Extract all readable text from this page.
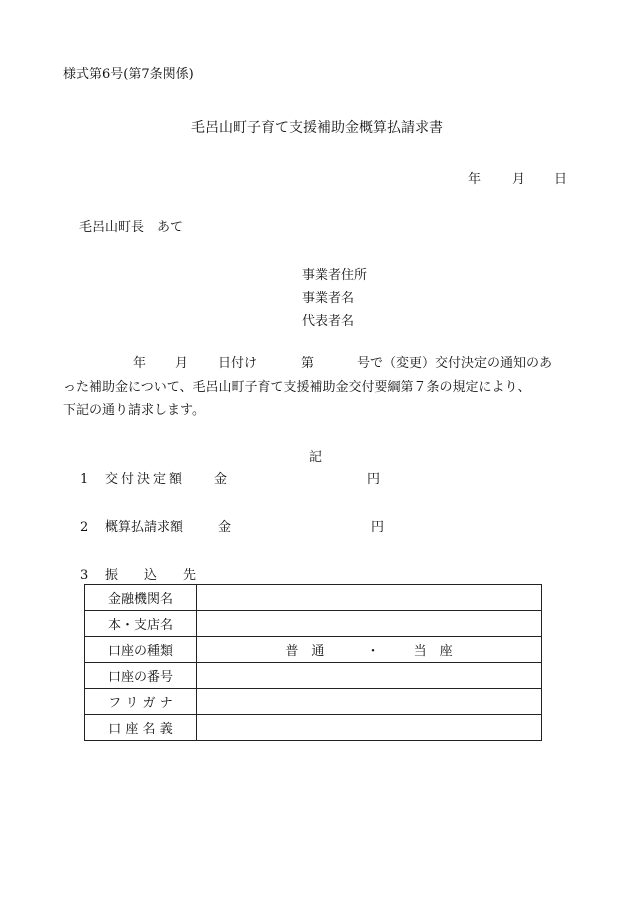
様式第6号(第7条関係)
毛呂山町子育て支援補助金概算払請求書
年 月 日
毛呂山町長　あて
事業者住所
事業者名
代表者名
年 月 日付け	第	号で（変更）交付決定の通知のあ
った補助金について、毛呂山町子育て支援補助金交付要綱第７条の規定により、
下記の通り請求します。
記
1 交付決定額 金	円
2 概算払請求額	金	円
3 振　　込　　先
金融機関名	
本・支店名	
口座の種類	普　通 ・ 当　座
口座の番号	
フ リ ガ ナ	
口 座 名 義	
